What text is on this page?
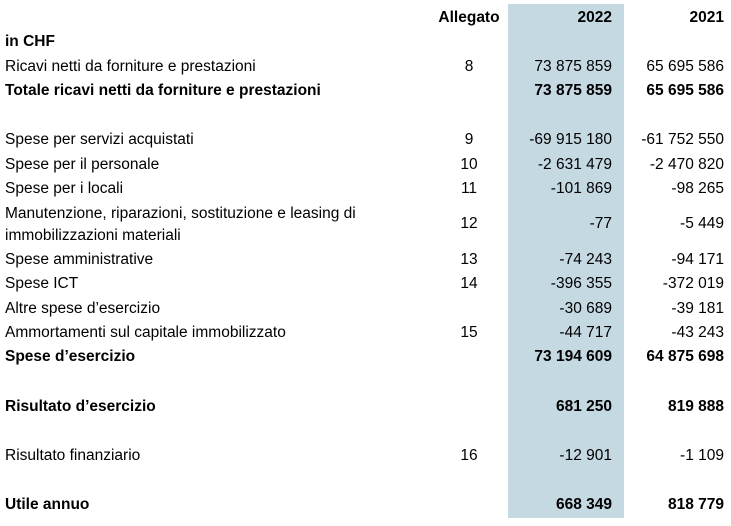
Allegato	2022	2021
in CHF
Ricavi netti da forniture e prestazioni	8	73 875 859	65 695 586
Totale ricavi netti da forniture e prestazioni	73 875 859	65 695 586
Spese per servizi acquistati	9	-69 915 180	-61 752 550
Spese per il personale	10	-2 631 479	-2 470 820
Spese per i locali	11	-101 869	-98 265
Manutenzione, riparazioni, sostituzione e leasing di immobilizzazioni materiali
12	-77	-5 449
Spese amministrative	13	-74 243	-94 171
Spese ICT	14	-396 355	-372 019
Altre spese d’esercizio	-30 689	-39 181
Ammortamenti sul capitale immobilizzato	15	-44 717	-43 243
Spese d’esercizio	73 194 609	64 875 698
Risultato d’esercizio	681 250	819 888
Risultato finanziario	16	-12 901	-1 109
Utile annuo	668 349	818 779
